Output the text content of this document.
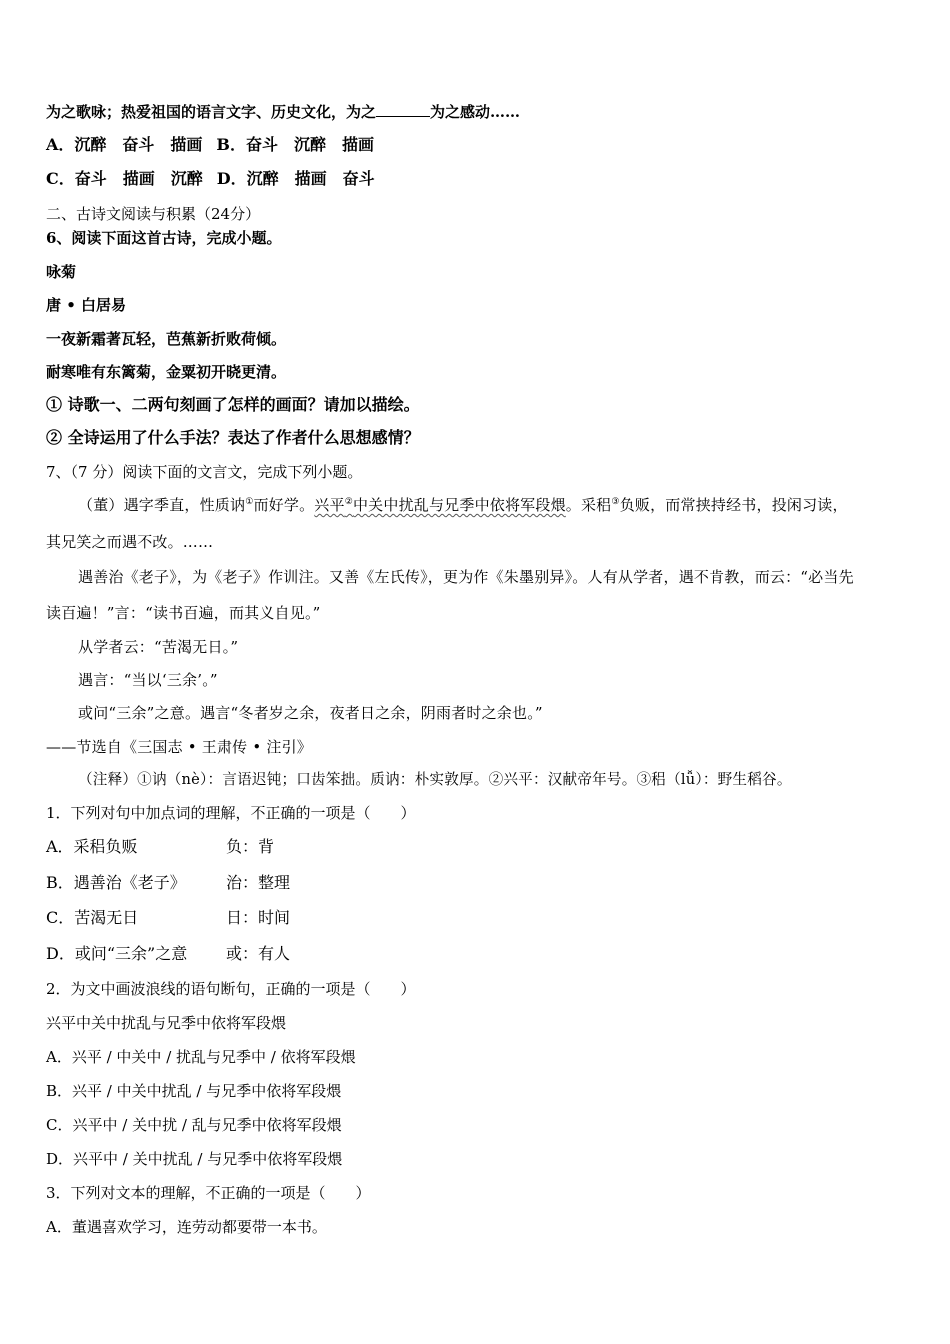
为之歌咏；热爱祖国的语言文字、历史文化，为之	为之感动……
A．沉醉　奋斗　描画 B．奋斗　沉醉　描画
C．奋斗　描画　沉醉 D．沉醉　描画　奋斗
二、古诗文阅读与积累（24分）
6、阅读下面这首古诗，完成小题。
咏菊
唐 • 白居易
一夜新霜著瓦轻，芭蕉新折败荷倾。
耐寒唯有东篱菊，金粟初开晓更清。
① 诗歌一、二两句刻画了怎样的画面？请加以描绘。
② 全诗运用了什么手法？表达了作者什么思想感情？
7、（7 分）阅读下面的文言文，完成下列小题。
（董）遇字季直，性质讷①而好学。兴平②中关中扰乱与兄季中依将军段煨。采稆③负贩，而常挟持经书，投闲习读，
其兄笑之而遇不改。……
遇善治《老子》，为《老子》作训注。又善《左氏传》，更为作《朱墨别异》。人有从学者，遇不肯教，而云：“必当先
读百遍！”言：“读书百遍，而其义自见。”
从学者云：“苦渴无日。”
遇言：“当以‘三余’。”
或问“三余”之意。遇言“冬者岁之余，夜者日之余，阴雨者时之余也。”
——节选自《三国志 • 王肃传 • 注引》
（注释）①讷（nè）：言语迟钝；口齿笨拙。质讷：朴实敦厚。②兴平：汉献帝年号。③稆（lǚ）：野生稻谷。
1．下列对句中加点词的理解，不正确的一项是（　　）
A．采稆负贩	负：背
B．遇善治《老子》	治：整理
C．苦渴无日	日：时间
D．或问“三余”之意 或：有人
2．为文中画波浪线的语句断句，正确的一项是（　　）
兴平中关中扰乱与兄季中依将军段煨
A．兴平 / 中关中 / 扰乱与兄季中 / 依将军段煨
B．兴平 / 中关中扰乱 / 与兄季中依将军段煨
C．兴平中 / 关中扰 / 乱与兄季中依将军段煨
D．兴平中 / 关中扰乱 / 与兄季中依将军段煨
3．下列对文本的理解，不正确的一项是（　　）
A．董遇喜欢学习，连劳动都要带一本书。
